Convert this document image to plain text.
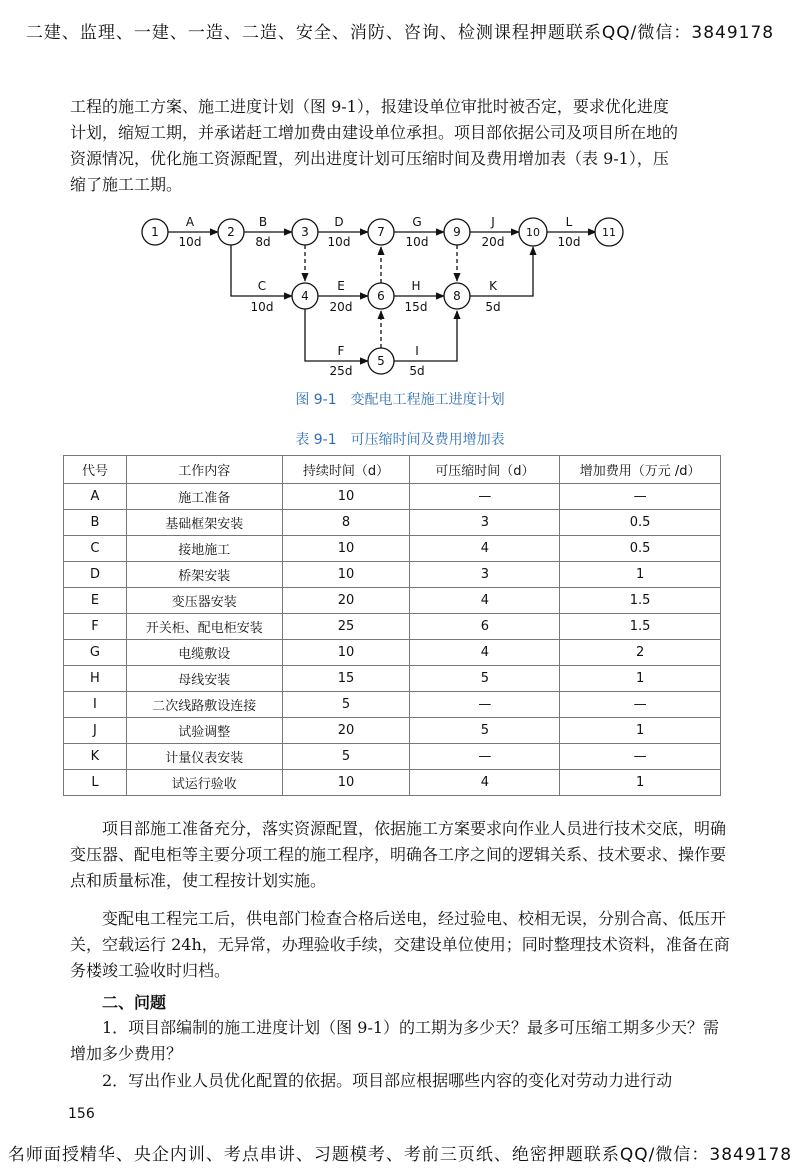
二建、监理、一建、一造、二造、安全、消防、咨询、检测课程押题联系QQ/微信：3849178

工程的施工方案、施工进度计划（图 9-1），报建设单位审批时被否定，要求优化进度

计划，缩短工期，并承诺赶工增加费由建设单位承担。项目部依据公司及项目所在地的

资源情况，优化施工资源配置，列出进度计划可压缩时间及费用增加表（表 9-1），压

缩了施工工期。

1	2	3
4
5
6
7
8
9	10	11
A
10d
B
8d
D
10d
G
10d
J
20d
L
10d
C
10d
E
20d
H
15d
K
5d
F
25d
I
5d
图 9-1　变配电工程施工进度计划
表 9-1　可压缩时间及费用增加表
代号	工作内容	持续时间（d）	可压缩时间（d）	增加费用（万元 /d）
A	施工准备	10	—	—
B	基础框架安装	8	3	0.5
C	接地施工	10	4	0.5
D	桥架安装	10	3	1
E	变压器安装	20	4	1.5
F	开关柜、配电柜安装	25	6	1.5
G	电缆敷设	10	4	2
H	母线安装	15	5	1
I	二次线路敷设连接	5	—	—
J	试验调整	20	5	1
K	计量仪表安装	5	—	—
L	试运行验收	10	4	1

项目部施工准备充分，落实资源配置，依据施工方案要求向作业人员进行技术交底，明确变压器、配电柜等主要分项工程的施工程序，明确各工序之间的逻辑关系、技术要求、操作要点和质量标准，使工程按计划实施。

变配电工程完工后，供电部门检查合格后送电，经过验电、校相无误，分别合高、低压开关，空载运行 24h，无异常，办理验收手续，交建设单位使用；同时整理技术资料，准备在商务楼竣工验收时归档。

二、问题

1．项目部编制的施工进度计划（图 9-1）的工期为多少天？最多可压缩工期多少天？需增加多少费用？

2．写出作业人员优化配置的依据。项目部应根据哪些内容的变化对劳动力进行动

156
名师面授精华、央企内训、考点串讲、习题模考、考前三页纸、绝密押题联系QQ/微信：3849178
